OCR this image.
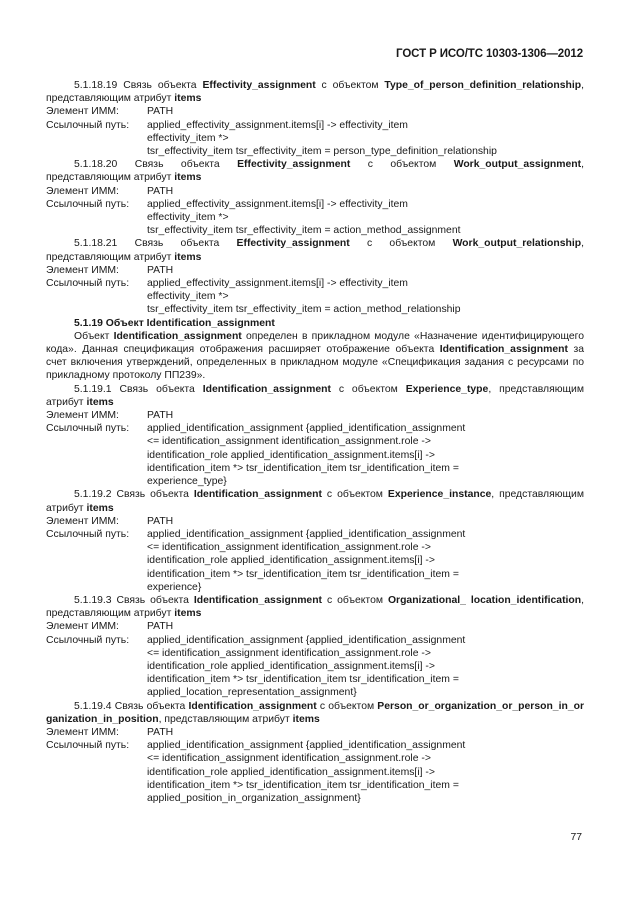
ГОСТ Р ИСО/ТС 10303-1306—2012
5.1.18.19 Связь объекта Effectivity_assignment с объектом Type_of_person_definition_relationship, представляющим атрибут items
Элемент ИММ:	PATH
Ссылочный путь:	applied_effectivity_assignment.items[i] -> effectivity_item
effectivity_item *>
tsr_effectivity_item tsr_effectivity_item = person_type_definition_relationship
5.1.18.20 Связь объекта Effectivity_assignment с объектом Work_output_assignment, представляющим атрибут items
Элемент ИММ:	PATH
Ссылочный путь:	applied_effectivity_assignment.items[i] -> effectivity_item
effectivity_item *>
tsr_effectivity_item tsr_effectivity_item = action_method_assignment
5.1.18.21 Связь объекта Effectivity_assignment с объектом Work_output_relationship, представляющим атрибут items
Элемент ИММ:	PATH
Ссылочный путь:	applied_effectivity_assignment.items[i] -> effectivity_item
effectivity_item *>
tsr_effectivity_item tsr_effectivity_item = action_method_relationship
5.1.19 Объект Identification_assignment
Объект Identification_assignment определен в прикладном модуле «Назначение идентифицирующего кода». Данная спецификация отображения расширяет отображение объекта Identification_assignment за счет включения утверждений, определенных в прикладном модуле «Спецификация задания с ресурсами по прикладному протоколу ПП239».
5.1.19.1 Связь объекта Identification_assignment с объектом Experience_type, представляющим атрибут items
Элемент ИММ:	PATH
Ссылочный путь:	applied_identification_assignment {applied_identification_assignment
<= identification_assignment identification_assignment.role ->
identification_role applied_identification_assignment.items[i] ->
identification_item *> tsr_identification_item tsr_identification_item =
experience_type}
5.1.19.2 Связь объекта Identification_assignment с объектом Experience_instance, представляющим атрибут items
Элемент ИММ:	PATH
Ссылочный путь:	applied_identification_assignment {applied_identification_assignment
<= identification_assignment identification_assignment.role ->
identification_role applied_identification_assignment.items[i] ->
identification_item *> tsr_identification_item tsr_identification_item =
experience}
5.1.19.3 Связь объекта Identification_assignment с объектом Organizational_ location_identification, представляющим атрибут items
Элемент ИММ:	PATH
Ссылочный путь:	applied_identification_assignment {applied_identification_assignment
<= identification_assignment identification_assignment.role ->
identification_role applied_identification_assignment.items[i] ->
identification_item *> tsr_identification_item tsr_identification_item =
applied_location_representation_assignment}
5.1.19.4 Связь объекта Identification_assignment с объектом Person_or_organization_or_person_in_organization_in_position, представляющим атрибут items
Элемент ИММ:	PATH
Ссылочный путь:	applied_identification_assignment {applied_identification_assignment
<= identification_assignment identification_assignment.role ->
identification_role applied_identification_assignment.items[i] ->
identification_item *> tsr_identification_item tsr_identification_item =
applied_position_in_organization_assignment}
77
